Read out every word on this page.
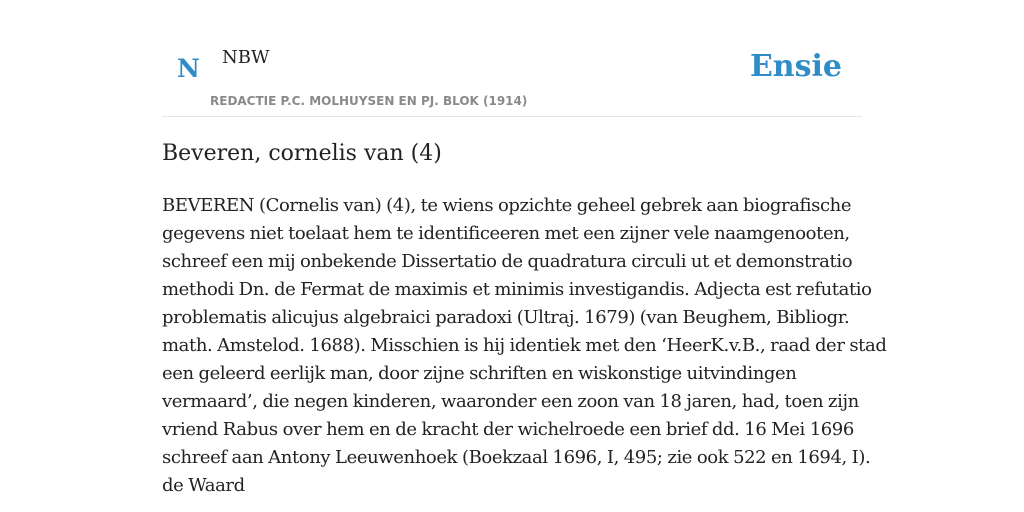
N NBW
REDACTIE P.C. MOLHUYSEN EN PJ. BLOK (1914)
Ensie
Beveren, cornelis van (4)
BEVEREN (Cornelis van) (4), te wiens opzichte geheel gebrek aan biografische
gegevens niet toelaat hem te identificeeren met een zijner vele naamgenooten,
schreef een mij onbekende Dissertatio de quadratura circuli ut et demonstratio
methodi Dn. de Fermat de maximis et minimis investigandis. Adjecta est refutatio
problematis alicujus algebraici paradoxi (Ultraj. 1679) (van Beughem, Bibliogr.
math. Amstelod. 1688). Misschien is hij identiek met den ‘HeerK.v.B., raad der stad
een geleerd eerlijk man, door zijne schriften en wiskonstige uitvindingen
vermaard’, die negen kinderen, waaronder een zoon van 18 jaren, had, toen zijn
vriend Rabus over hem en de kracht der wichelroede een brief dd. 16 Mei 1696
schreef aan Antony Leeuwenhoek (Boekzaal 1696, I, 495; zie ook 522 en 1694, I).
de Waard
